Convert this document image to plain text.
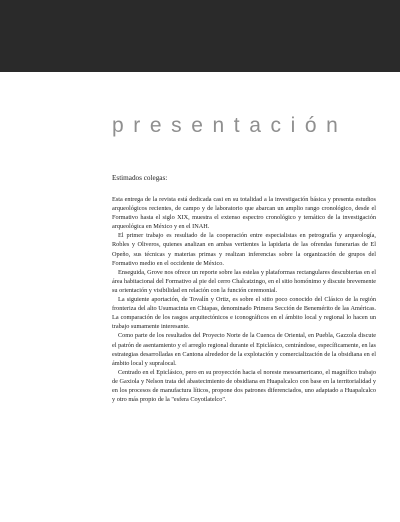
presentación

Estimados colegas:

Esta entrega de la revista está dedicada casi en su totalidad a la investigación básica y presenta estudios arqueológicos recientes, de campo y de laboratorio que abarcan un amplio rango cronológico, desde el Formativo hasta el siglo XIX, muestra el extenso espectro cronológico y temático de la investigación arqueológica en México y en el INAH.

El primer trabajo es resultado de la cooperación entre especialistas en petrografía y arqueología, Robles y Oliveros, quienes analizan en ambas vertientes la lapidaria de las ofrendas funerarias de El Opeño, sus técnicas y materias primas y realizan inferencias sobre la organización de grupos del Formativo medio en el occidente de México.

Enseguida, Grove nos ofrece un reporte sobre las estelas y plataformas rectangulares descubiertas en el área habitacional del Formativo al pie del cerro Chalcatzingo, en el sitio homónimo y discute brevemente su orientación y visibilidad en relación con la función ceremonial.

La siguiente aportación, de Tovalín y Ortiz, es sobre el sitio poco conocido del Clásico de la región fronteriza del alto Usumacinta en Chiapas, denominado Primera Sección de Benemérito de las Américas. La comparación de los rasgos arquitectónicos e iconográficos en el ámbito local y regional lo hacen un trabajo sumamente interesante.

Como parte de los resultados del Proyecto Norte de la Cuenca de Oriental, en Puebla, Gazzola discute el patrón de asentamiento y el arreglo regional durante el Epiclásico, centrándose, específicamente, en las estrategias desarrolladas en Cantona alrededor de la explotación y comercialización de la obsidiana en el ámbito local y supralocal.

Centrado en el Epiclásico, pero en su proyección hacia el noreste mesoamericano, el magnífico trabajo de Gaxiola y Nelson trata del abastecimiento de obsidiana en Huapalcalco con base en la territorialidad y en los procesos de manufactura líticos, propone dos patrones diferenciados, uno adaptado a Huapalcalco y otro más propio de la "esfera Coyotlatelco".
